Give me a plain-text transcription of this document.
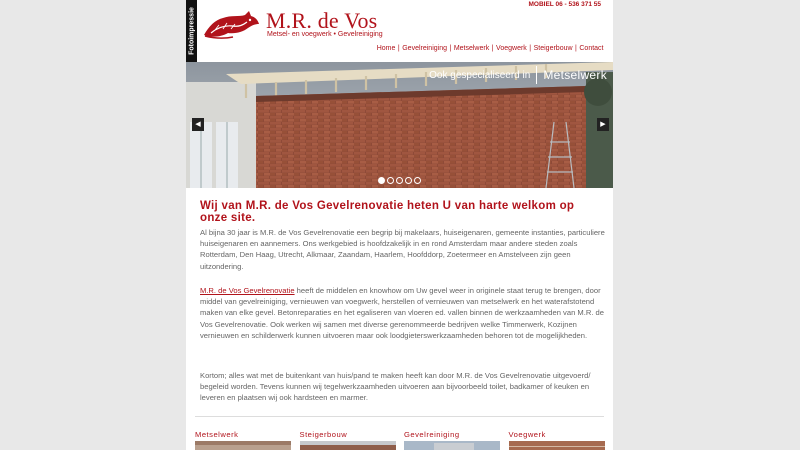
Fotoimpressie	M.R. de Vos
Metsel- en voegwerk • Gevelreiniging
MOBIEL 06 - 536 371 55
Home | Gevelreiniging | Metselwerk | Voegwerk | Steigerbouw | Contact
Ook gespecialiseerd in Metselwerk
◀	▶
Wij van M.R. de Vos Gevelrenovatie heten U van harte welkom op onze site.

Al bijna 30 jaar is M.R. de Vos Gevelrenovatie een begrip bij makelaars, huiseigenaren, gemeente instanties, particuliere huiseigenaren en aannemers. Ons werkgebied is hoofdzakelijk in en rond Amsterdam maar andere steden zoals Rotterdam, Den Haag, Utrecht, Alkmaar, Zaandam, Haarlem, Hoofddorp, Zoetermeer en Amstelveen zijn geen uitzondering.

M.R. de Vos Gevelrenovatie heeft de middelen en knowhow om Uw gevel weer in originele staat terug te brengen, door middel van gevelreiniging, vernieuwen van voegwerk, herstellen of vernieuwen van metselwerk en het waterafstotend maken van elke gevel. Betonreparaties en het egaliseren van vloeren ed. vallen binnen de werkzaamheden van M.R. de Vos Gevelrenovatie. Ook werken wij samen met diverse gerenommeerde bedrijven welke Timmerwerk, Kozijnen vernieuwen en schilderwerk kunnen uitvoeren maar ook loodgieterswerkzaamheden behoren tot de mogelijkheden.

Kortom; alles wat met de buitenkant van huis/pand te maken heeft kan door M.R. de Vos Gevelrenovatie uitgevoerd/ begeleid worden. Tevens kunnen wij tegelwerkzaamheden uitvoeren aan bijvoorbeeld toilet, badkamer of keuken en leveren en plaatsen wij ook hardsteen en marmer.

Metselwerk	Steigerbouw	Gevelreiniging	Voegwerk
